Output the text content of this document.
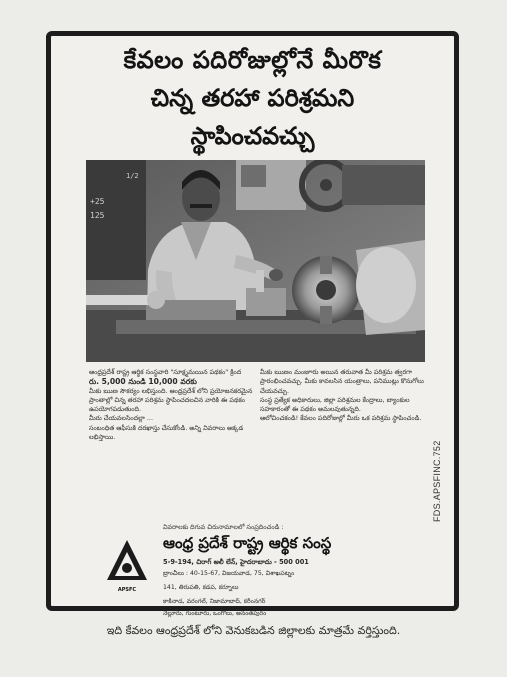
కేవలం పదిరోజుల్లోనే మీరొక
చిన్న తరహా పరిశ్రమని
స్థాపించవచ్చు
+25
125
1/2
ఆంధ్రప్రదేశ్ రాష్ట్ర ఆర్థిక సంస్థవారి "సూక్ష్మమయిన పథకం" క్రింద
రు. 5,000 నుండి 10,000 వరకు
మీకు ఋణ సౌకర్యం లభిస్తుంది. ఆంధ్రప్రదేశ్ లోని ప్రయోజనకరమైన ప్రాంతాల్లో చిన్న తరహా పరిశ్రమ స్థాపించదలచిన వారికి ఈ పథకం ఉపయోగపడుతుంది.
మీరు చేయవలసిందల్లా ...
సంబంధిత ఆఫీసుకి దరఖాస్తు చేసుకోండి. అన్ని వివరాలు అక్కడ లభిస్తాయి.
మీకు ఋణం మంజూరు అయిన తరువాత మీ పరిశ్రమ త్వరగా ప్రారంభించవచ్చు. మీకు కావలసిన యంత్రాలు, పనిముట్లు కొనుగోలు చేయవచ్చు.
సంస్థ ప్రత్యేక అధికారులు, జిల్లా పరిశ్రమల కేంద్రాలు, బ్యాంకుల సహకారంతో ఈ పథకం అమలవుతున్నది.
ఆలోచించకండి! కేవలం పదిరోజుల్లో మీరు ఒక పరిశ్రమ స్థాపించండి.
APSFC
వివరాలకు దిగువ చిరునామాలలో సంప్రదించండి :
ఆంధ్ర ప్రదేశ్ రాష్ట్ర ఆర్థిక సంస్థ
5-9-194, చిరాగ్ అలీ లేన్, హైదరాబాదు - 500 001
బ్రాంచీలు : 40-15-67, విజయవాడ, 75, విశాఖపట్నం
141, తిరుపతి, కడప, కర్నూలు
కాకినాడ, వరంగల్, నిజామాబాద్, కరీంనగర్
నెల్లూరు, గుంటూరు, ఒంగోలు, అనంతపురం
FDS.APSFINC.752
ఇది కేవలం ఆంధ్రప్రదేశ్ లోని వెనుకబడిన జిల్లాలకు మాత్రమే వర్తిస్తుంది.
